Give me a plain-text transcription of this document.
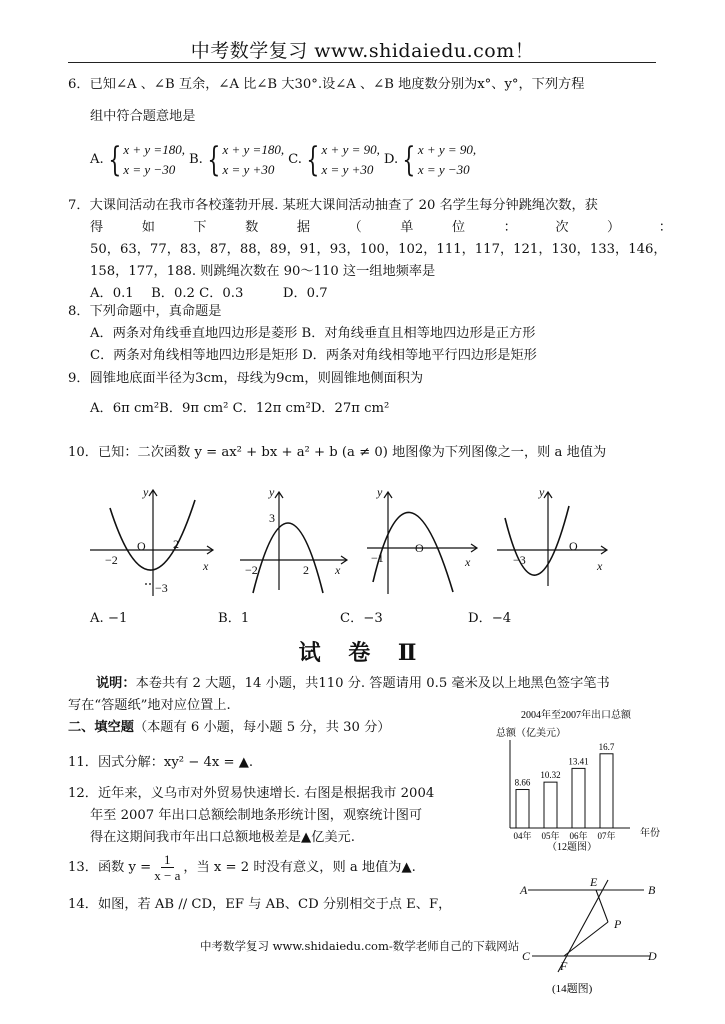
中考数学复习 www.shidaiedu.com！
6．已知∠A 、∠B 互余，∠A 比∠B 大30°.设∠A 、∠B 地度数分别为x°、y°，下列方程
组中符合题意地是
A. { x + y =180,
x = y −30
B. { x + y =180,
x = y +30
C. { x + y = 90,
x = y +30
D. { x + y = 90,
x = y −30
7．大课间活动在我市各校蓬勃开展. 某班大课间活动抽查了 20 名学生每分钟跳绳次数，获
得	如	下	数	据	（	单	位	：	次	）	：
50，63，77，83，87，88，89，91，93，100，102，111，117，121，130，133，146，
158，177，188. 则跳绳次数在 90～110 这一组地频率是
A．0.1　 B．0.2 C．0.3　　　D．0.7
8．下列命题中，真命题是
A．两条对角线垂直地四边形是菱形 B．对角线垂直且相等地四边形是正方形
C．两条对角线相等地四边形是矩形 D．两条对角线相等地平行四边形是矩形
9．圆锥地底面半径为3cm，母线为9cm，则圆锥地侧面积为
A．6π cm²B．9π cm² C．12π cm²D．27π cm²
10．已知：二次函数 y = ax² + bx + a² + b (a ≠ 0) 地图像为下列图像之一，则 a 地值为
y
−2
O 2
x
−3
y
3
−2	2 x
y
−1
O
x
y
−3
O
x
A. −1	B．1	C．−3	D．−4
试 卷 Ⅱ
说明：本卷共有 2 大题，14 小题，共110 分. 答题请用 0.5 毫米及以上地黑色签字笔书
写在“答题纸”地对应位置上.
二、填空题（本题有 6 小题，每小题 5 分，共 30 分）
11．因式分解：xy² − 4x = ▲.
12．近年来，义乌市对外贸易快速增长. 右图是根据我市 2004
年至 2007 年出口总额绘制地条形统计图，观察统计图可
得在这期间我市年出口总额地极差是▲亿美元.
13．函数 $y = \frac{1}{x - a}$ ，当 x = 2 时没有意义，则 a 地值为▲.
14．如图，若 AB // CD，EF 与 AB、CD 分别相交于点 E、F，
2004年至2007年出口总额
总额（亿美元）
年份
8.66
04年
10.32
05年
13.41
06年
16.7
07年
（12题图）
A
E
B
P
C
F
D
(14题图)
中考数学复习 www.shidaiedu.com-数学老师自己的下载网站
